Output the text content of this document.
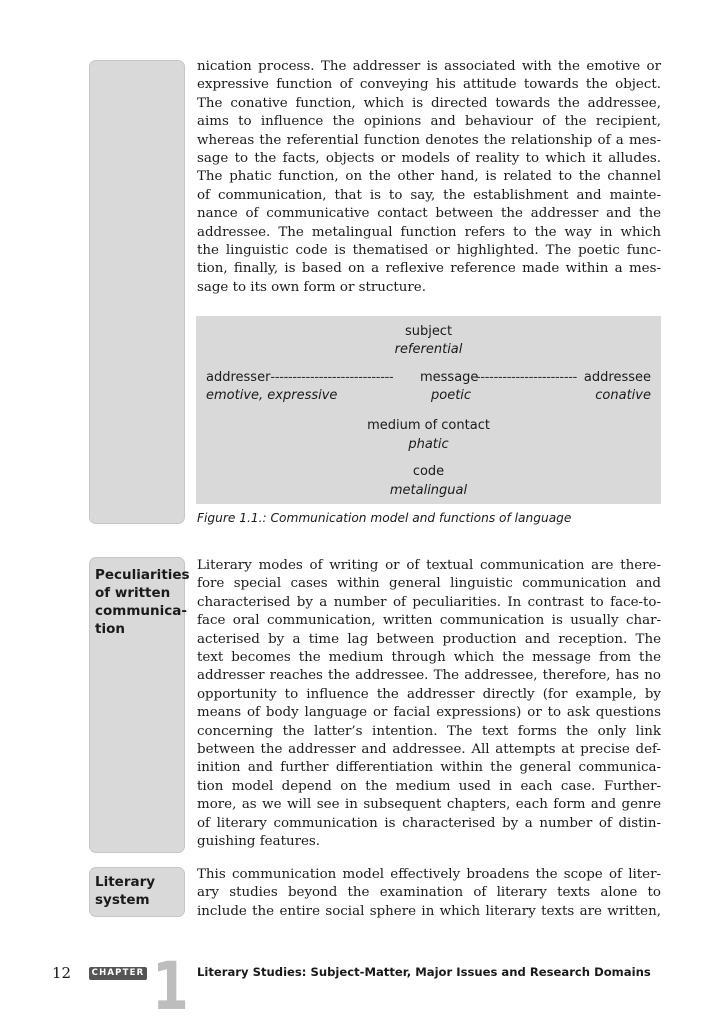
Peculiarities
of written
communica-
tion
Literary
system
nication process. The addresser is associated with the emotive or
expressive function of conveying his attitude towards the object.
The conative function, which is directed towards the addressee,
aims to influence the opinions and behaviour of the recipient,
whereas the referential function denotes the relationship of a mes-
sage to the facts, objects or models of reality to which it alludes.
The phatic function, on the other hand, is related to the channel
of communication, that is to say, the establishment and mainte-
nance of communicative contact between the addresser and the
addressee. The metalingual function refers to the way in which
the linguistic code is thematised or highlighted. The poetic func-
tion, finally, is based on a reflexive reference made within a mes-
sage to its own form or structure.
subject
referential
addresser---------------------------- message
----------------------- addressee
emotive, expressive	poetic	conative
medium of contact
phatic
code
metalingual
Figure 1.1.: Communication model and functions of language
Literary modes of writing or of textual communication are there-
fore special cases within general linguistic communication and
characterised by a number of peculiarities. In contrast to face-to-
face oral communication, written communication is usually char-
acterised by a time lag between production and reception. The
text becomes the medium through which the message from the
addresser reaches the addressee. The addressee, therefore, has no
opportunity to influence the addresser directly (for example, by
means of body language or facial expressions) or to ask questions
concerning the latter’s intention. The text forms the only link
between the addresser and addressee. All attempts at precise def-
inition and further differentiation within the general communica-
tion model depend on the medium used in each case. Further-
more, as we will see in subsequent chapters, each form and genre
of literary communication is characterised by a number of distin-
guishing features.
This communication model effectively broadens the scope of liter-
ary studies beyond the examination of literary texts alone to
include the entire social sphere in which literary texts are written,
12	CHAPTER 1 Literary Studies: Subject-Matter, Major Issues and Research Domains
